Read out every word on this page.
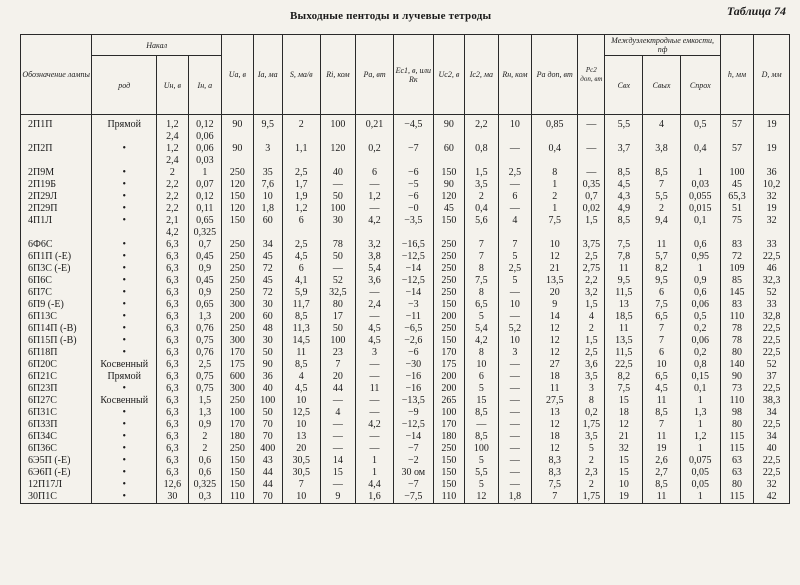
Выходные пентоды и лучевые тетроды	Таблица 74
Обозначение лампы	Накал			Ua, в	Ia, ма	S, ма/в	Ri, ком	Pa, вт	Ec1, в, или Rк	Uc2, в	Ic2, ма	Rн, ком	Pa доп, вт	Pc2 доп, вт	Междуэлектродные емкости, пф			h, мм	D, мм
	род	Uн, в	Iн, а												Cвх	Cвых	Cпрох		
2П1П	Прямой	1,2	0,12	90	9,5	2	100	0,21	−4,5	90	2,2	10	0,85	—	5,5	4	0,5	57	19
		2,4	0,06																
2П2П	•	1,2	0,06	90	3	1,1	120	0,2	−7	60	0,8	—	0,4	—	3,7	3,8	0,4	57	19
		2,4	0,03																
2П9М	•	2	1	250	35	2,5	40	6	−6	150	1,5	2,5	8	—	8,5	8,5	1	100	36
2П19Б	•	2,2	0,07	120	7,6	1,7	—	—	−5	90	3,5	—	1	0,35	4,5	7	0,03	45	10,2
2П29Л	•	2,2	0,12	150	10	1,9	50	1,2	−6	120	2	6	2	0,7	4,3	5,5	0,055	65,3	32
2П29П	•	2,2	0,11	120	1,8	1,2	100	—	−0	45	0,4	—	1	0,02	4,9	2	0,015	51	19
4П1Л	•	2,1	0,65	150	60	6	30	4,2	−3,5	150	5,6	4	7,5	1,5	8,5	9,4	0,1	75	32
		4,2	0,325																
6Ф6С	•	6,3	0,7	250	34	2,5	78	3,2	−16,5	250	7	7	10	3,75	7,5	11	0,6	83	33
6П1П (-Е)	•	6,3	0,45	250	45	4,5	50	3,8	−12,5	250	7	5	12	2,5	7,8	5,7	0,95	72	22,5
6П3С (-Е)	•	6,3	0,9	250	72	6	—	5,4	−14	250	8	2,5	21	2,75	11	8,2	1	109	46
6П6С	•	6,3	0,45	250	45	4,1	52	3,6	−12,5	250	7,5	5	13,5	2,2	9,5	9,5	0,9	85	32,3
6П7С	•	6,3	0,9	250	72	5,9	32,5	—	−14	250	8	—	20	3,2	11,5	6	0,6	145	52
6П9 (-Е)	•	6,3	0,65	300	30	11,7	80	2,4	−3	150	6,5	10	9	1,5	13	7,5	0,06	83	33
6П13С	•	6,3	1,3	200	60	8,5	17	—	−11	200	5	—	14	4	18,5	6,5	0,5	110	32,8
6П14П (-В)	•	6,3	0,76	250	48	11,3	50	4,5	−6,5	250	5,4	5,2	12	2	11	7	0,2	78	22,5
6П15П (-В)	•	6,3	0,75	300	30	14,5	100	4,5	−2,6	150	4,2	10	12	1,5	13,5	7	0,06	78	22,5
6П18П	•	6,3	0,76	170	50	11	23	3	−6	170	8	3	12	2,5	11,5	6	0,2	80	22,5
6П20С	Косвенный	6,3	2,5	175	90	8,5	7	—	−30	175	10	—	27	3,6	22,5	10	0,8	140	52
6П21С	Прямой	6,3	0,75	600	36	4	20	—	−16	200	6	—	18	3,5	8,2	6,5	0,15	90	37
6П23П	•	6,3	0,75	300	40	4,5	44	11	−16	200	5	—	11	3	7,5	4,5	0,1	73	22,5
6П27С	Косвенный	6,3	1,5	250	100	10	—	—	−13,5	265	15	—	27,5	8	15	11	1	110	38,3
6П31С	•	6,3	1,3	100	50	12,5	4	—	−9	100	8,5	—	13	0,2	18	8,5	1,3	98	34
6П33П	•	6,3	0,9	170	70	10	—	4,2	−12,5	170	—	—	12	1,75	12	7	1	80	22,5
6П34С	•	6,3	2	180	70	13	—	—	−14	180	8,5	—	18	3,5	21	11	1,2	115	34
6П36С	•	6,3	2	250	400	20	—	—	−7	250	100	—	12	5	32	19	1	115	40
6Э5П (-Е)	•	6,3	0,6	150	43	30,5	14	1	−2	150	5	—	8,3	2	15	2,6	0,075	63	22,5
6Э6П (-Е)	•	6,3	0,6	150	44	30,5	15	1	30 ом	150	5,5	—	8,3	2,3	15	2,7	0,05	63	22,5
12П17Л	•	12,6	0,325	150	44	7	—	4,4	−7	150	5	—	7,5	2	10	8,5	0,05	80	32
30П1С	•	30	0,3	110	70	10	9	1,6	−7,5	110	12	1,8	7	1,75	19	11	1	115	42
